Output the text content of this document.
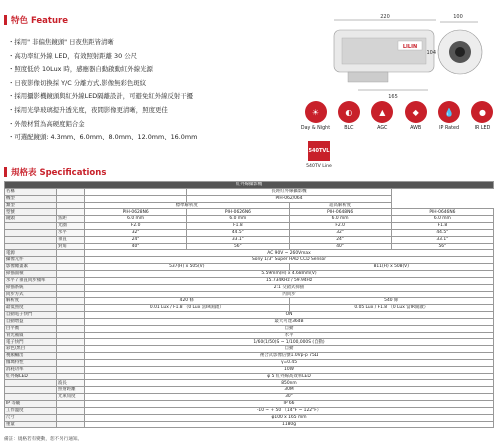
特色 Feature
・採用" 非偏焦鏡頭" 日夜焦距皆清晰
・高功率紅外線 LED，有效照射距離 30 公尺
・照度低於 10Lux 時，感應器自動啟動紅外線光源
・日夜影像切換採 Y/C 分離方式,影像無彩色斑紋
・採用攝影機鏡頭與紅外線LED隔離設計，可避免紅外線反射干擾
・採用光學玻璃提升透光度，夜間影像更清晰，照度更佳
・外殼材質為高硬度鋁合金
・可選配鏡頭: 4.3mm、6.0mm、8.0mm、12.0mm、16.0mm
220
LILIN
165
100
104
☀
Day & Night
◐
BLC
▲
AGC
◆
AWB
💧
IP Rated
●
IR LED
540TVL
540TV Line
規格表 Specifications
紅外線攝影機					
名稱			長距紅外線攝影機		
機型			PIH-062/064		
類型		標準解析度		超高解析度	
型號		PIH-0628N6	PIH-0626N6	PIH-0648N6	PIH-0646N6
鏡頭	焦距	6.0 mm	6.0 mm	6.0 mm	6.0 mm
	光圈	F2.0	F1.8	F2.0	F1.8
	水平	32°	44.5°	32°	44.5°
	垂直	24°	33.1°	24°	33.1°
	對角	40°	56°	40°	56°
電源		AC 90V ~ 260Vmax			
攝像元件		Sony 1/3" Super HAD CCD Sensor			
影像總畫素		537(H) x 505(V)		811(H) x 508(V)	
掃描面積		5.59mm(H) x 4.68mm(V)			
水平 / 垂直同步頻率		15.734KHz / 59.94Hz			
掃描系統		2:1 交錯式掃描			
同步方式		內同步			
解析度		420 條		540 條	
最低照度		0.01 Lux / F1.8 （0 Lux 當IR開啟）		0.05 Lux / F1.8 （0 Lux 當IR開啟）	
自動電子快門		ON			
自動增益		最大可達36dB			
白平衡		自動			
背光補償		水平			
電子快門		1/60(1/50)S ~ 1/100,000S (自動)			
彩色/黑白		自動			
視頻輸出		複合式影像信號1.0Vp-p 75Ω			
伽瑪特性		γ=0.45			
消耗功率		10W			
紅外線LED		φ 5 紅外線高效率LED			
	波長	850nm			
	照射距離	30M			
	光束角度	30°			
IP 等級		IP 66			
工作溫度		-10 ~ + 50 （14°F ~ 122°F）			
尺寸		φ100 x 165 mm			
重量		1180g			
備註：規格若有變動，恕不另行通知。
